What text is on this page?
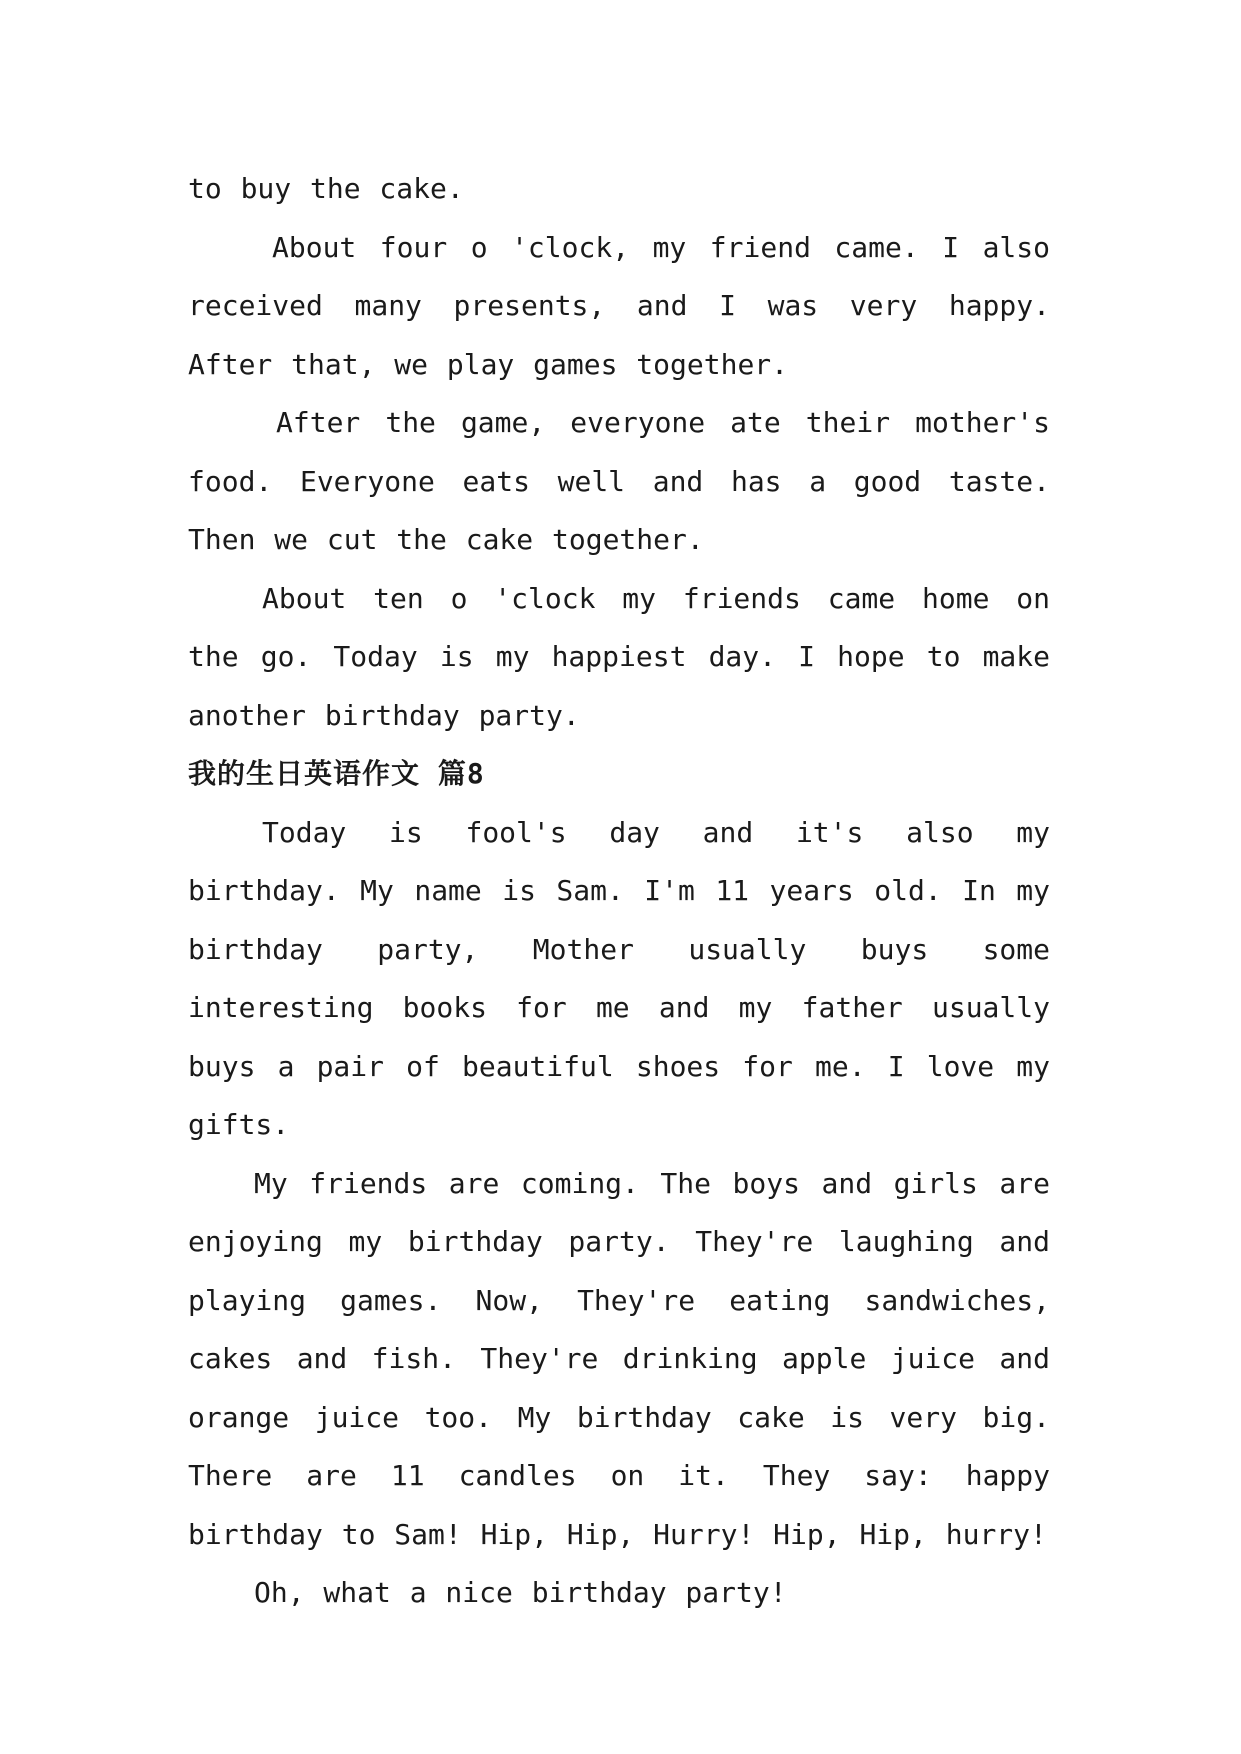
to buy the cake.

About four o 'clock, my friend came. I also received many presents, and I was very happy. After that, we play games together.

After the game, everyone ate their mother's food. Everyone eats well and has a good taste. Then we cut the cake together.

About ten o 'clock my friends came home on the go. Today is my happiest day. I hope to make another birthday party.

我的生日英语作文 篇8

Today is fool's day and it's also my birthday. My name is Sam. I'm 11 years old. In my birthday party, Mother usually buys some interesting books for me and my father usually buys a pair of beautiful shoes for me. I love my gifts.

My friends are coming. The boys and girls are enjoying my birthday party. They're laughing and playing games. Now, They're eating sandwiches, cakes and fish. They're drinking apple juice and orange juice too. My birthday cake is very big. There are 11 candles on it. They say: happy birthday to Sam! Hip, Hip, Hurry! Hip, Hip, hurry!

Oh, what a nice birthday party!
